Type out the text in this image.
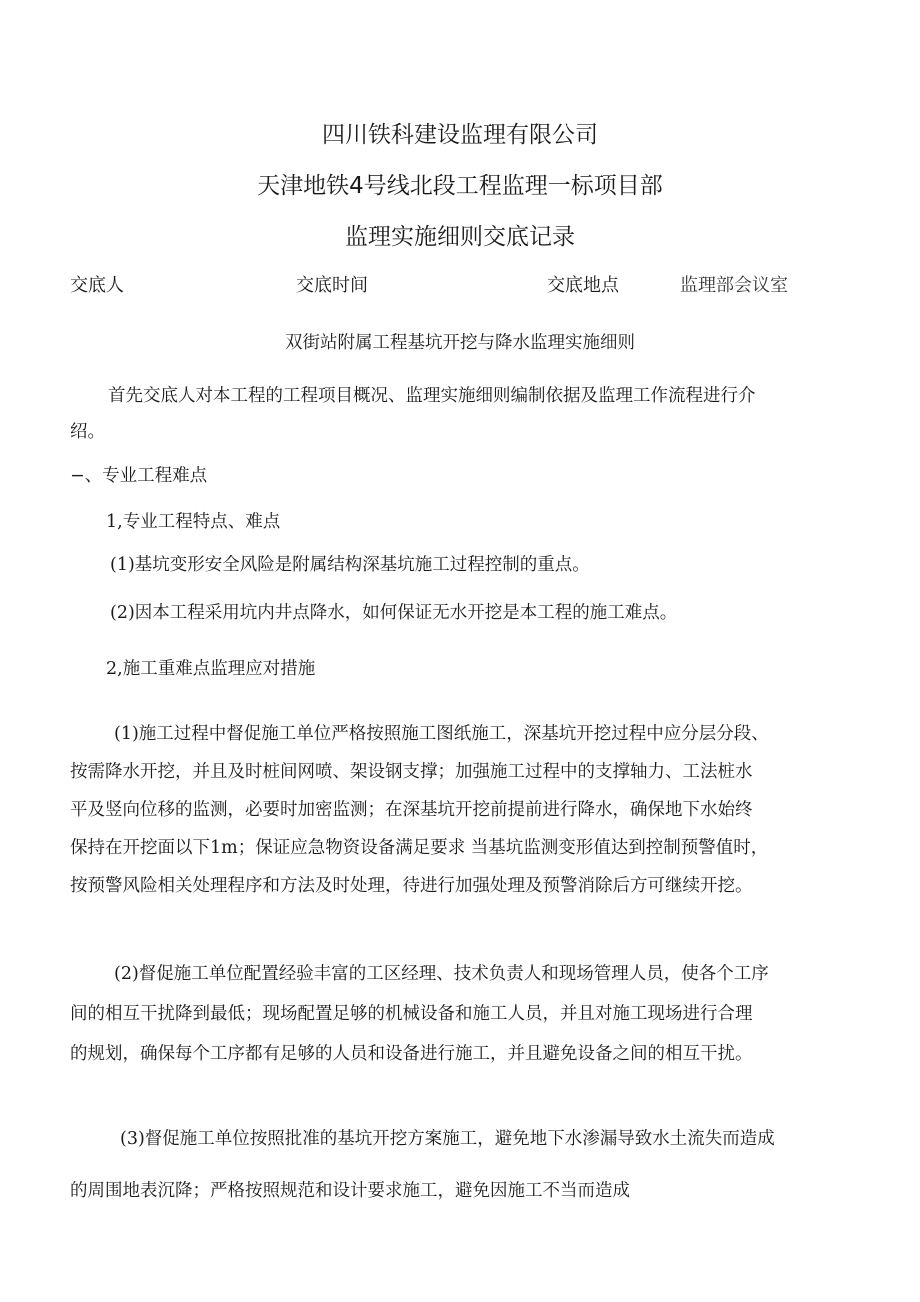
四川铁科建设监理有限公司
天津地铁4号线北段工程监理一标项目部
监理实施细则交底记录
交底人	交底时间	交底地点	监理部会议室
双街站附属工程基坑开挖与降水监理实施细则
首先交底人对本工程的工程项目概况、监理实施细则编制依据及监理工作流程进行介
绍。
−、专业工程难点
1,专业工程特点、难点
(1)基坑变形安全风险是附属结构深基坑施工过程控制的重点。
(2)因本工程采用坑内井点降水，如何保证无水开挖是本工程的施工难点。
2,施工重难点监理应对措施
(1)施工过程中督促施工单位严格按照施工图纸施工，深基坑开挖过程中应分层分段、
按需降水开挖，并且及时桩间网喷、架设钢支撑；加强施工过程中的支撑轴力、工法桩水
平及竖向位移的监测，必要时加密监测；在深基坑开挖前提前进行降水，确保地下水始终
保持在开挖面以下1m；保证应急物资设备满足要求 当基坑监测变形值达到控制预警值时，
按预警风险相关处理程序和方法及时处理，待进行加强处理及预警消除后方可继续开挖。
(2)督促施工单位配置经验丰富的工区经理、技术负责人和现场管理人员，使各个工序
间的相互干扰降到最低；现场配置足够的机械设备和施工人员，并且对施工现场进行合理
的规划，确保每个工序都有足够的人员和设备进行施工，并且避免设备之间的相互干扰。
(3)督促施工单位按照批准的基坑开挖方案施工，避免地下水渗漏导致水土流失而造成
的周围地表沉降；严格按照规范和设计要求施工，避免因施工不当而造成
